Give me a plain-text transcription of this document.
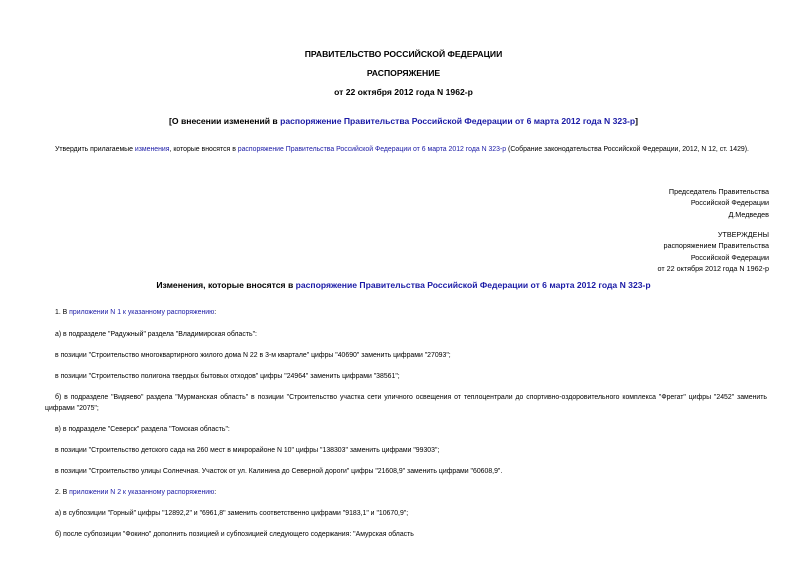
ПРАВИТЕЛЬСТВО РОССИЙСКОЙ ФЕДЕРАЦИИ
РАСПОРЯЖЕНИЕ
от 22 октября 2012 года N 1962-р
[О внесении изменений в распоряжение Правительства Российской Федерации от 6 марта 2012 года N 323-р]
Утвердить прилагаемые изменения, которые вносятся в распоряжение Правительства Российской Федерации от 6 марта 2012 года N 323-р (Собрание законодательства Российской Федерации, 2012, N 12, ст. 1429).
Председатель Правительства
Российской Федерации
Д.Медведев
УТВЕРЖДЕНЫ
распоряжением Правительства
Российской Федерации
от 22 октября 2012 года N 1962-р
Изменения, которые вносятся в распоряжение Правительства Российской Федерации от 6 марта 2012 года N 323-р
1. В приложении N 1 к указанному распоряжению:
а) в подразделе "Радужный" раздела "Владимирская область":
в позиции "Строительство многоквартирного жилого дома N 22 в 3-м квартале" цифры "40690" заменить цифрами "27093";
в позиции "Строительство полигона твердых бытовых отходов" цифры "24964" заменить цифрами "38561";
б) в подразделе "Видяево" раздела "Мурманская область" в позиции "Строительство участка сети уличного освещения от теплоцентрали до спортивно-оздоровительного комплекса "Фрегат" цифры "2452" заменить цифрами "2075";
в) в подразделе "Северск" раздела "Томская область":
в позиции "Строительство детского сада на 260 мест в микрорайоне N 10" цифры "138303" заменить цифрами "99303";
в позиции "Строительство улицы Солнечная. Участок от ул. Калинина до Северной дороги" цифры "21608,9" заменить цифрами "60608,9".
2. В приложении N 2 к указанному распоряжению:
а) в субпозиции "Горный" цифры "12892,2" и "6961,8" заменить соответственно цифрами "9183,1" и "10670,9";
б) после субпозиции "Фокино" дополнить позицией и субпозицией следующего содержания: "Амурская область
